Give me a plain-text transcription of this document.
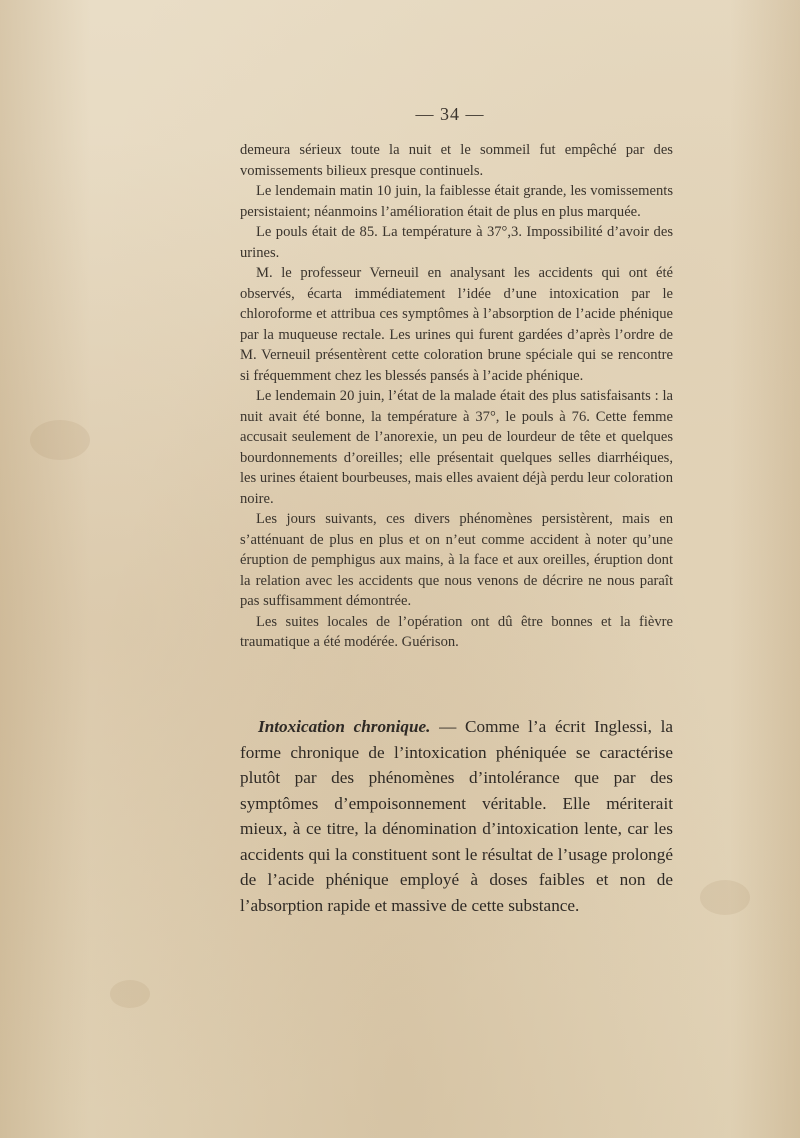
— 34 —

demeura sérieux toute la nuit et le sommeil fut empêché par des vomissements bilieux presque continuels.

Le lendemain matin 10 juin, la faiblesse était grande, les vomissements persistaient; néanmoins l’amélioration était de plus en plus marquée.

Le pouls était de 85. La température à 37°,3. Impossibilité d’avoir des urines.

M. le professeur Verneuil en analysant les accidents qui ont été observés, écarta immédiatement l’idée d’une intoxication par le chloroforme et attribua ces symptômes à l’absorption de l’acide phénique par la muqueuse rectale. Les urines qui furent gardées d’après l’ordre de M. Verneuil présentèrent cette coloration brune spéciale qui se rencontre si fréquemment chez les blessés pansés à l’acide phénique.

Le lendemain 20 juin, l’état de la malade était des plus satisfaisants : la nuit avait été bonne, la température à 37°, le pouls à 76. Cette femme accusait seulement de l’anorexie, un peu de lourdeur de tête et quelques bourdonnements d’oreilles; elle présentait quelques selles diarrhéiques, les urines étaient bourbeuses, mais elles avaient déjà perdu leur coloration noire.

Les jours suivants, ces divers phénomènes persistèrent, mais en s’atténuant de plus en plus et on n’eut comme accident à noter qu’une éruption de pemphigus aux mains, à la face et aux oreilles, éruption dont la relation avec les accidents que nous venons de décrire ne nous paraît pas suffisamment démontrée.

Les suites locales de l’opération ont dû être bonnes et la fièvre traumatique a été modérée. Guérison.

Intoxication chronique. — Comme l’a écrit Inglessi, la forme chronique de l’intoxication phéniquée se caractérise plutôt par des phénomènes d’intolérance que par des symptômes d’empoisonnement véritable. Elle mériterait mieux, à ce titre, la dénomination d’intoxication lente, car les accidents qui la constituent sont le résultat de l’usage prolongé de l’acide phénique employé à doses faibles et non de l’absorption rapide et massive de cette substance.
